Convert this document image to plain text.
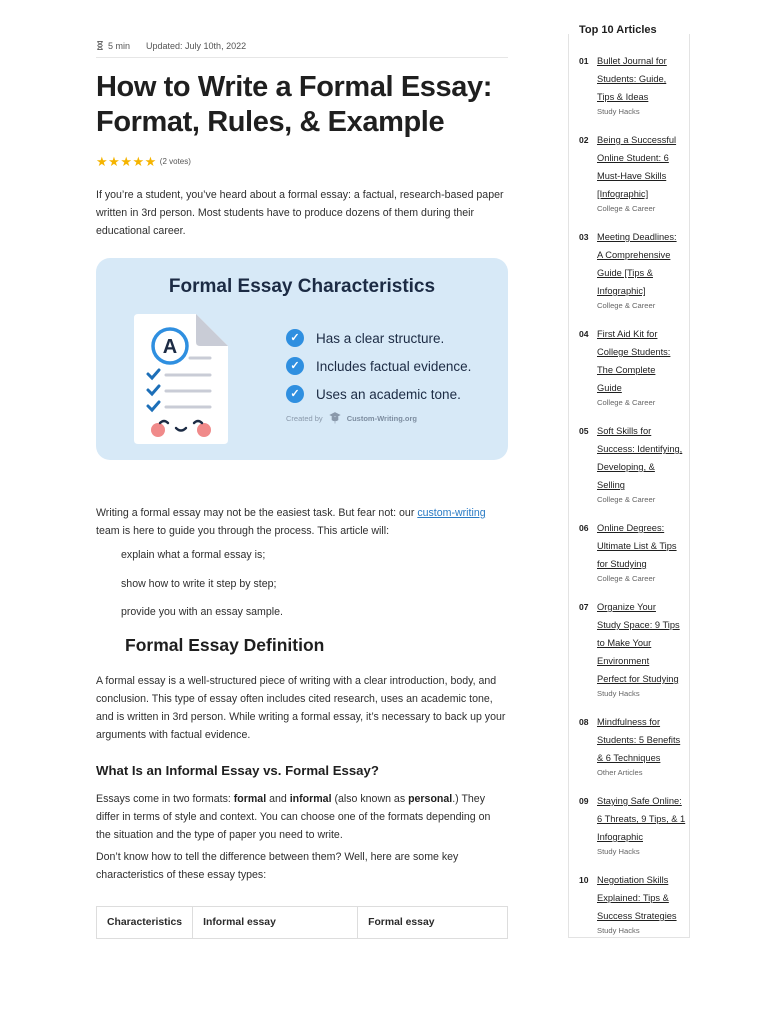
5 min Updated: July 10th, 2022
How to Write a Formal Essay:
Format, Rules, & Example
★ ★ ★ ★ ★ (2 votes)

If you’re a student, you’ve heard about a formal essay: a factual, research-based paper written in 3rd person. Most students have to produce dozens of them during their educational career.

Formal Essay Characteristics
A	✓	Has a clear structure.
✓	Includes factual evidence.
✓	Uses an academic tone.
Created by	Custom-Writing.org

Writing a formal essay may not be the easiest task. But fear not: our custom-writing team is here to guide you through the process. This article will:

explain what a formal essay is;
show how to write it step by step;
provide you with an essay sample.
Formal Essay Definition

A formal essay is a well-structured piece of writing with a clear introduction, body, and conclusion. This type of essay often includes cited research, uses an academic tone, and is written in 3rd person. While writing a formal essay, it’s necessary to back up your arguments with factual evidence.

What Is an Informal Essay vs. Formal Essay?

Essays come in two formats: formal and informal (also known as personal.) They differ in terms of style and context. You can choose one of the formats depending on the situation and the type of paper you need to write.

Don’t know how to tell the difference between them? Well, here are some key characteristics of these essay types:

Characteristics	Informal essay	Formal essay
Top 10 Articles
01 Bullet Journal for
Students: Guide,
Tips & Ideas
Study Hacks
02 Being a Successful
Online Student: 6
Must-Have Skills
[Infographic]
College & Career
03 Meeting Deadlines:
A Comprehensive
Guide [Tips &
Infographic]
College & Career
04 First Aid Kit for
College Students:
The Complete
Guide
College & Career
05 Soft Skills for
Success: Identifying,
Developing, &
Selling
College & Career
06 Online Degrees:
Ultimate List & Tips
for Studying
College & Career
07 Organize Your
Study Space: 9 Tips
to Make Your
Environment
Perfect for Studying
Study Hacks
08 Mindfulness for
Students: 5 Benefits
& 6 Techniques
Other Articles
09 Staying Safe Online:
6 Threats, 9 Tips, & 1
Infographic
Study Hacks
10 Negotiation Skills
Explained: Tips &
Success Strategies
Study Hacks
